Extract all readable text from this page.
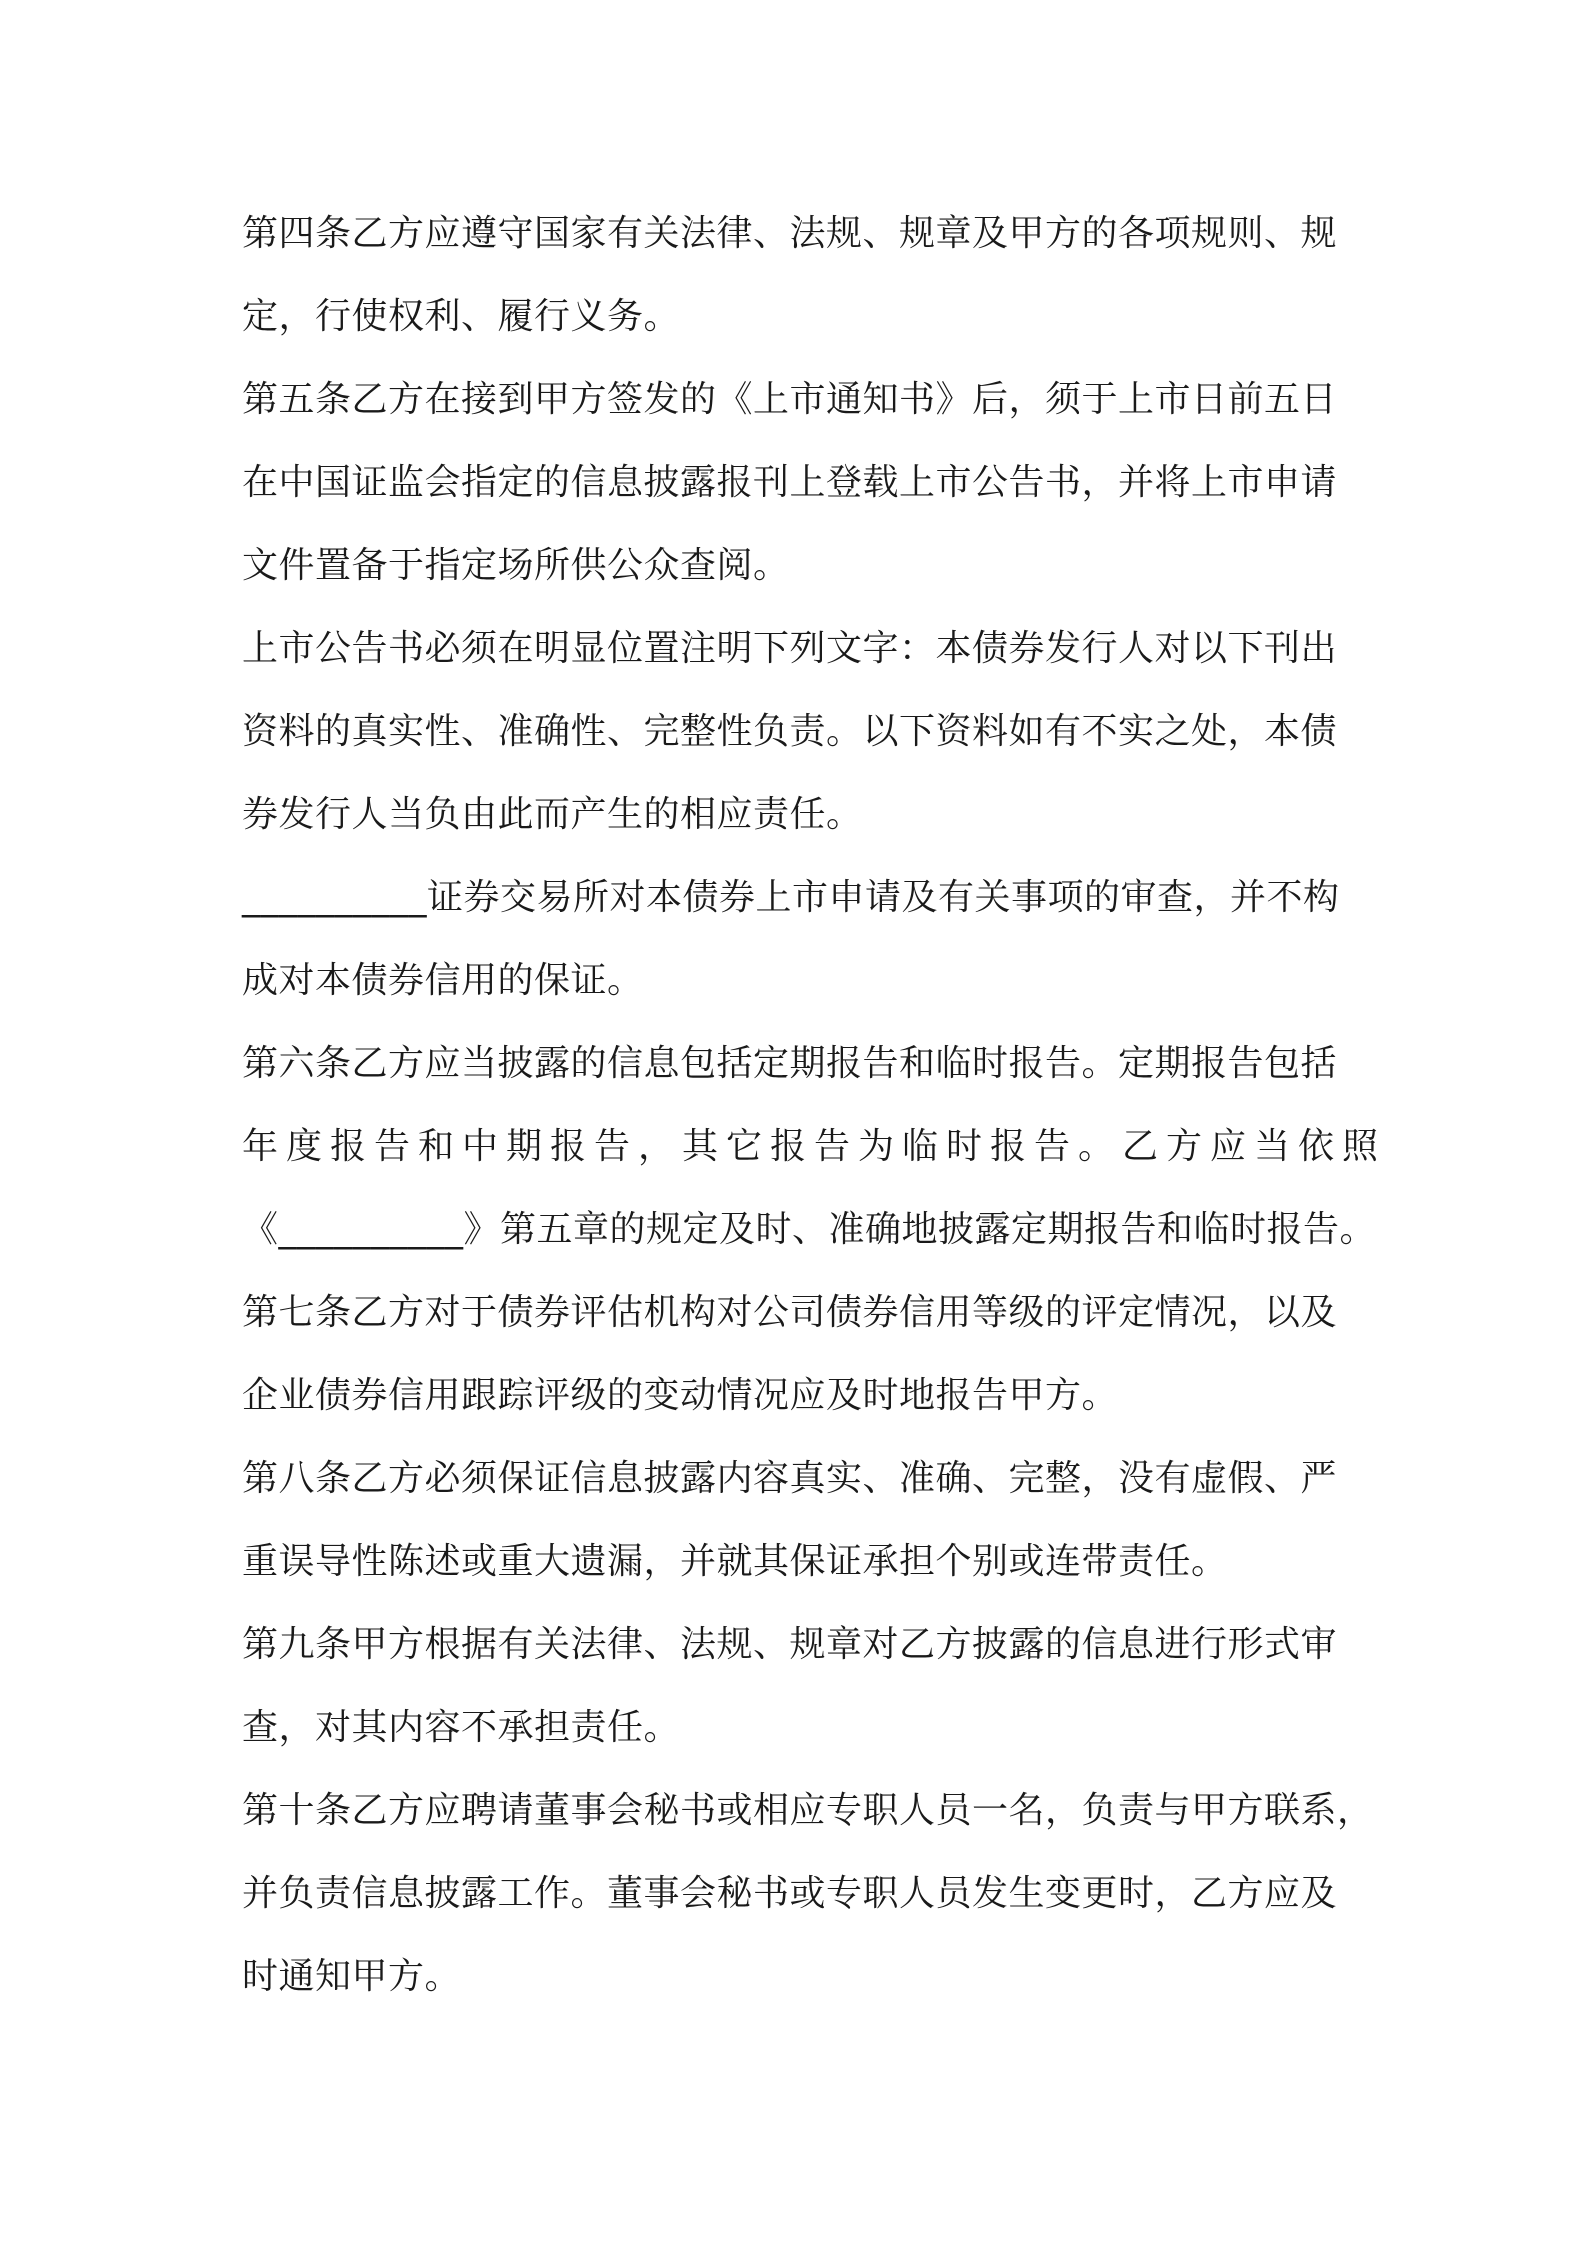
第四条乙方应遵守国家有关法律、法规、规章及甲方的各项规则、规
定，行使权利、履行义务。
第五条乙方在接到甲方签发的《上市通知书》后，须于上市日前五日
在中国证监会指定的信息披露报刊上登载上市公告书，并将上市申请
文件置备于指定场所供公众查阅。
上市公告书必须在明显位置注明下列文字：本债券发行人对以下刊出
资料的真实性、准确性、完整性负责。以下资料如有不实之处，本债
券发行人当负由此而产生的相应责任。
__________证券交易所对本债券上市申请及有关事项的审查，并不构
成对本债券信用的保证。
第六条乙方应当披露的信息包括定期报告和临时报告。定期报告包括
年度报告和中期报告，其它报告为临时报告。乙方应当依照
《__________》第五章的规定及时、准确地披露定期报告和临时报告。
第七条乙方对于债券评估机构对公司债券信用等级的评定情况，以及
企业债券信用跟踪评级的变动情况应及时地报告甲方。
第八条乙方必须保证信息披露内容真实、准确、完整，没有虚假、严
重误导性陈述或重大遗漏，并就其保证承担个别或连带责任。
第九条甲方根据有关法律、法规、规章对乙方披露的信息进行形式审
查，对其内容不承担责任。
第十条乙方应聘请董事会秘书或相应专职人员一名，负责与甲方联系，
并负责信息披露工作。董事会秘书或专职人员发生变更时，乙方应及
时通知甲方。
